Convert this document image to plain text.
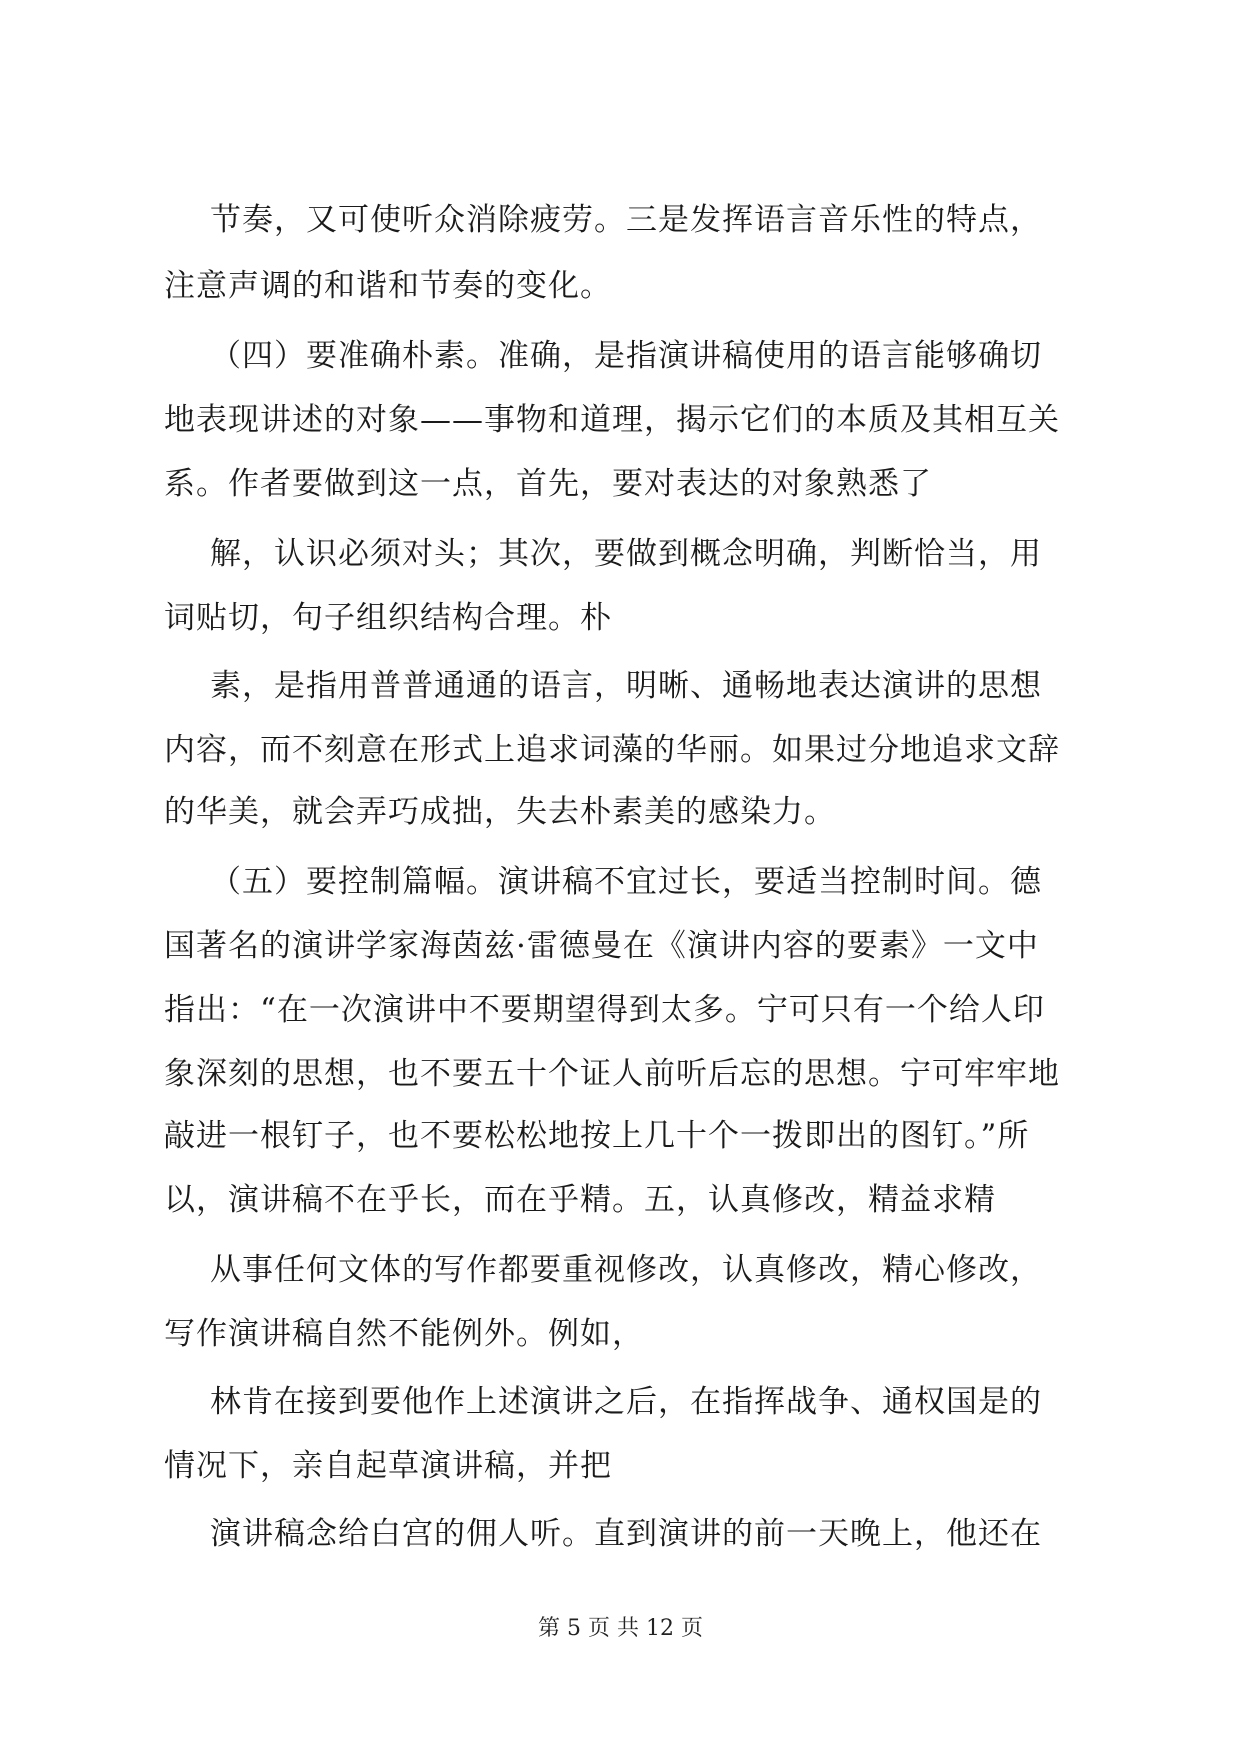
节奏，又可使听众消除疲劳。三是发挥语言音乐性的特点，
注意声调的和谐和节奏的变化。
（四）要准确朴素。准确，是指演讲稿使用的语言能够确切
地表现讲述的对象——事物和道理，揭示它们的本质及其相互关
系。作者要做到这一点，首先，要对表达的对象熟悉了
解，认识必须对头；其次，要做到概念明确，判断恰当，用
词贴切，句子组织结构合理。朴
素，是指用普普通通的语言，明晰、通畅地表达演讲的思想
内容，而不刻意在形式上追求词藻的华丽。如果过分地追求文辞
的华美，就会弄巧成拙，失去朴素美的感染力。
（五）要控制篇幅。演讲稿不宜过长，要适当控制时间。德
国著名的演讲学家海茵兹·雷德曼在《演讲内容的要素》一文中
指出：“在一次演讲中不要期望得到太多。宁可只有一个给人印
象深刻的思想，也不要五十个证人前听后忘的思想。宁可牢牢地
敲进一根钉子，也不要松松地按上几十个一拨即出的图钉。”所
以，演讲稿不在乎长，而在乎精。五，认真修改，精益求精
从事任何文体的写作都要重视修改，认真修改，精心修改，
写作演讲稿自然不能例外。例如，
林肯在接到要他作上述演讲之后，在指挥战争、通权国是的
情况下，亲自起草演讲稿，并把
演讲稿念给白宫的佣人听。直到演讲的前一天晚上，他还在
第 5 页 共 12 页
